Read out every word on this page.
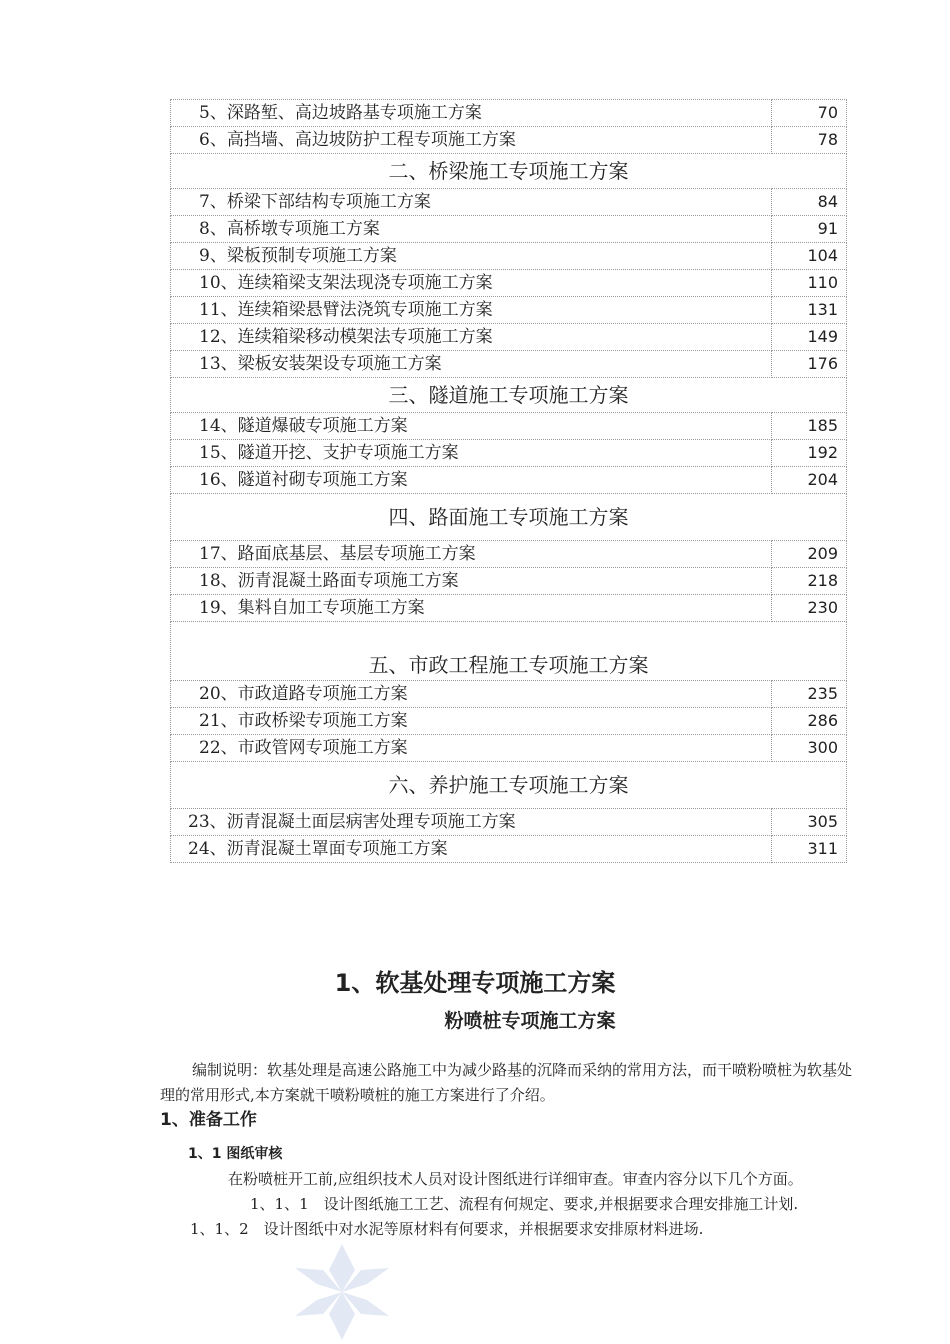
5、深路堑、高边坡路基专项施工方案	70
6、高挡墙、高边坡防护工程专项施工方案	78
二、桥梁施工专项施工方案	
7、桥梁下部结构专项施工方案	84
8、高桥墩专项施工方案	91
9、梁板预制专项施工方案	104
10、连续箱梁支架法现浇专项施工方案	110
11、连续箱梁悬臂法浇筑专项施工方案	131
12、连续箱梁移动模架法专项施工方案	149
13、梁板安装架设专项施工方案	176
三、隧道施工专项施工方案	
14、隧道爆破专项施工方案	185
15、隧道开挖、支护专项施工方案	192
16、隧道衬砌专项施工方案	204
四、路面施工专项施工方案	
17、路面底基层、基层专项施工方案	209
18、沥青混凝土路面专项施工方案	218
19、集料自加工专项施工方案	230
五、市政工程施工专项施工方案	
20、市政道路专项施工方案	235
21、市政桥梁专项施工方案	286
22、市政管网专项施工方案	300
六、养护施工专项施工方案	
23、沥青混凝土面层病害处理专项施工方案	305
24、沥青混凝土罩面专项施工方案	311
1、软基处理专项施工方案
粉喷桩专项施工方案
编制说明：软基处理是高速公路施工中为减少路基的沉降而采纳的常用方法，而干喷粉喷桩为软基处理的常用形式,本方案就干喷粉喷桩的施工方案进行了介绍。
1、准备工作
1、1 图纸审核
在粉喷桩开工前,应组织技术人员对设计图纸进行详细审查。审查内容分以下几个方面。
1、1、1　设计图纸施工工艺、流程有何规定、要求,并根据要求合理安排施工计划.
1、1、2　设计图纸中对水泥等原材料有何要求，并根据要求安排原材料进场.
